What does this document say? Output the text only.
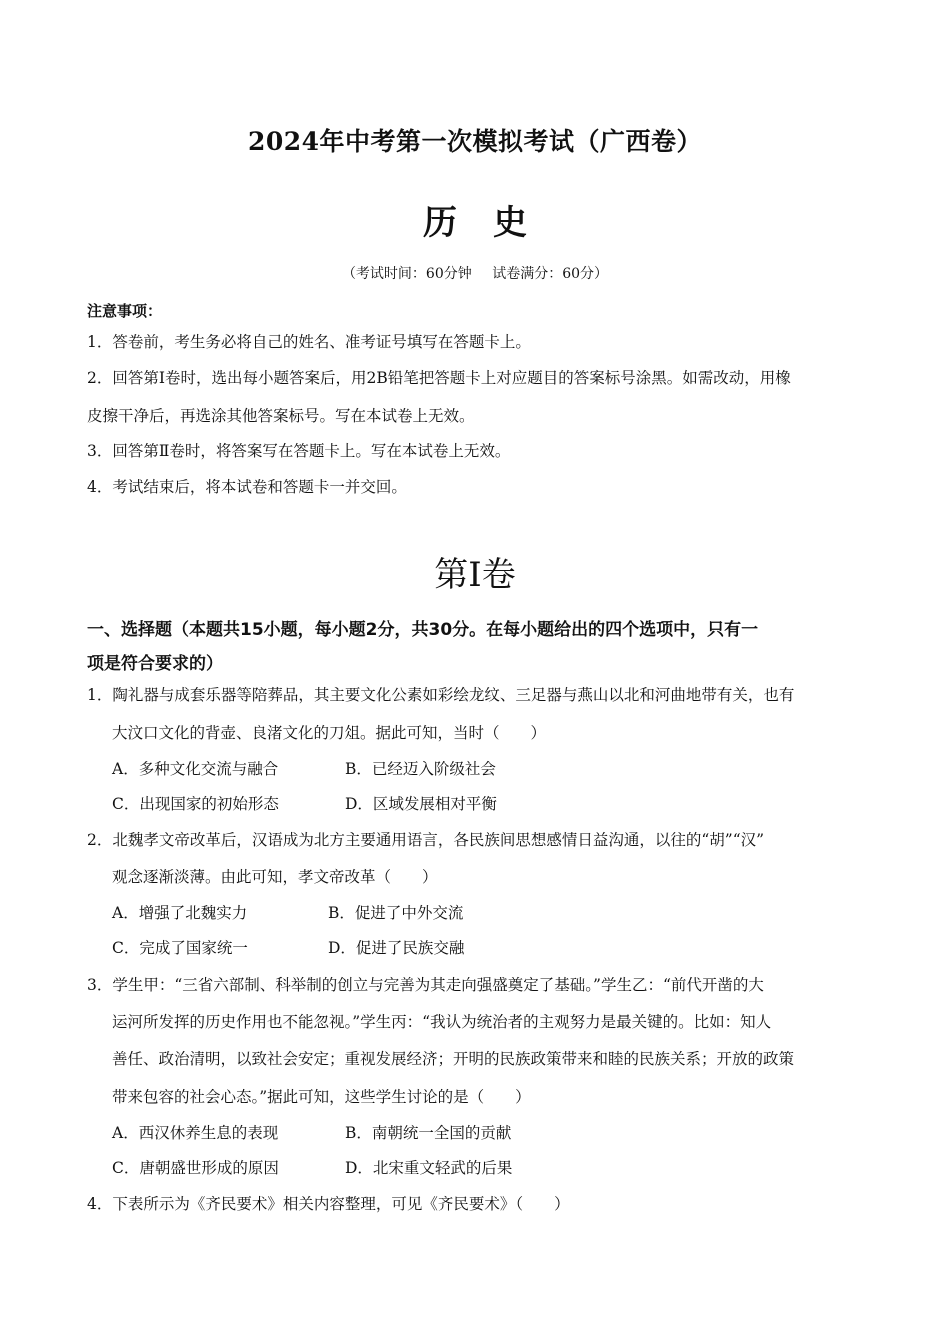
2024年中考第一次模拟考试（广西卷）
历史
（考试时间：60分钟 试卷满分：60分）
注意事项：
1．答卷前，考生务必将自己的姓名、准考证号填写在答题卡上。
2．回答第Ⅰ卷时，选出每小题答案后，用2B铅笔把答题卡上对应题目的答案标号涂黑。如需改动，用橡
皮擦干净后，再选涂其他答案标号。写在本试卷上无效。
3．回答第Ⅱ卷时，将答案写在答题卡上。写在本试卷上无效。
4．考试结束后，将本试卷和答题卡一并交回。
第Ⅰ卷
一、选择题（本题共15小题，每小题2分，共30分。在每小题给出的四个选项中，只有一
项是符合要求的）
1．陶礼器与成套乐器等陪葬品，其主要文化公素如彩绘龙纹、三足器与燕山以北和河曲地带有关，也有
大汶口文化的背壶、良渚文化的刀俎。据此可知，当时（　　）
A．多种文化交流与融合	B．已经迈入阶级社会
C．出现国家的初始形态	D．区域发展相对平衡
2．北魏孝文帝改革后，汉语成为北方主要通用语言，各民族间思想感情日益沟通，以往的“胡”“汉”
观念逐渐淡薄。由此可知，孝文帝改革（　　）
A．增强了北魏实力	B．促进了中外交流
C．完成了国家统一	D．促进了民族交融
3．学生甲：“三省六部制、科举制的创立与完善为其走向强盛奠定了基础。”学生乙：“前代开凿的大
运河所发挥的历史作用也不能忽视。”学生丙：“我认为统治者的主观努力是最关键的。比如：知人
善任、政治清明，以致社会安定；重视发展经济；开明的民族政策带来和睦的民族关系；开放的政策
带来包容的社会心态。”据此可知，这些学生讨论的是（　　）
A．西汉休养生息的表现	B．南朝统一全国的贡献
C．唐朝盛世形成的原因	D．北宋重文轻武的后果
4．下表所示为《齐民要术》相关内容整理，可见《齐民要术》（　　）
